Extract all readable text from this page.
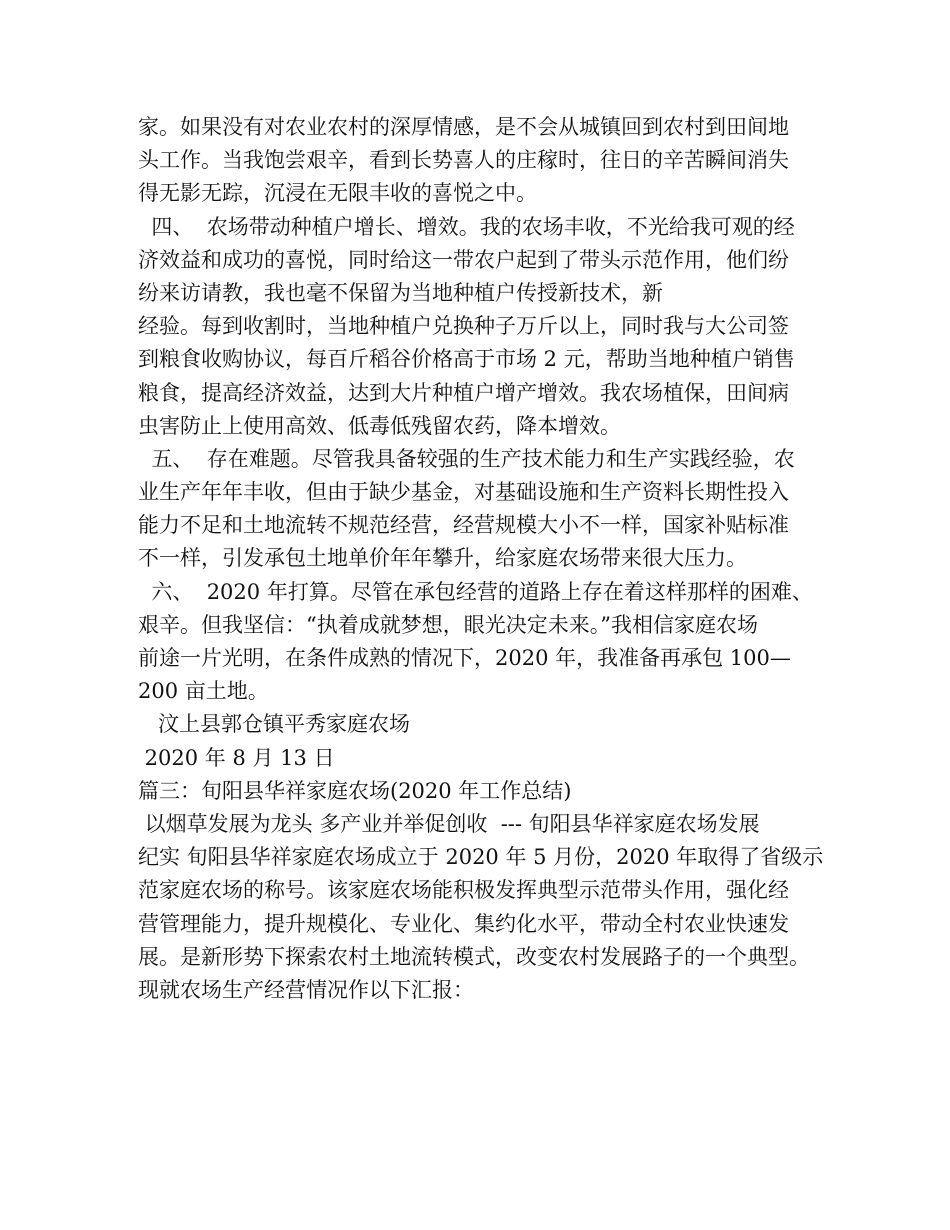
家。如果没有对农业农村的深厚情感，是不会从城镇回到农村到田间地
头工作。当我饱尝艰辛，看到长势喜人的庄稼时，往日的辛苦瞬间消失
得无影无踪，沉浸在无限丰收的喜悦之中。
四、  农场带动种植户增长、增效。我的农场丰收，不光给我可观的经
济效益和成功的喜悦，同时给这一带农户起到了带头示范作用，他们纷
纷来访请教，我也毫不保留为当地种植户传授新技术，新
经验。每到收割时，当地种植户兑换种子万斤以上，同时我与大公司签
到粮食收购协议，每百斤稻谷价格高于市场 2 元，帮助当地种植户销售
粮食，提高经济效益，达到大片种植户增产增效。我农场植保，田间病
虫害防止上使用高效、低毒低残留农药，降本增效。
五、  存在难题。尽管我具备较强的生产技术能力和生产实践经验，农
业生产年年丰收，但由于缺少基金，对基础设施和生产资料长期性投入
能力不足和土地流转不规范经营，经营规模大小不一样，国家补贴标准
不一样，引发承包土地单价年年攀升，给家庭农场带来很大压力。
六、  2020 年打算。尽管在承包经营的道路上存在着这样那样的困难、
艰辛。但我坚信：“执着成就梦想，眼光决定未来。”我相信家庭农场
前途一片光明，在条件成熟的情况下，2020 年，我准备再承包 100—
200 亩土地。
汶上县郭仓镇平秀家庭农场
2020 年 8 月 13 日
篇三：旬阳县华祥家庭农场(2020 年工作总结)
以烟草发展为龙头 多产业并举促创收  --- 旬阳县华祥家庭农场发展
纪实 旬阳县华祥家庭农场成立于 2020 年 5 月份，2020 年取得了省级示
范家庭农场的称号。该家庭农场能积极发挥典型示范带头作用，强化经
营管理能力，提升规模化、专业化、集约化水平，带动全村农业快速发
展。是新形势下探索农村土地流转模式，改变农村发展路子的一个典型。
现就农场生产经营情况作以下汇报：
